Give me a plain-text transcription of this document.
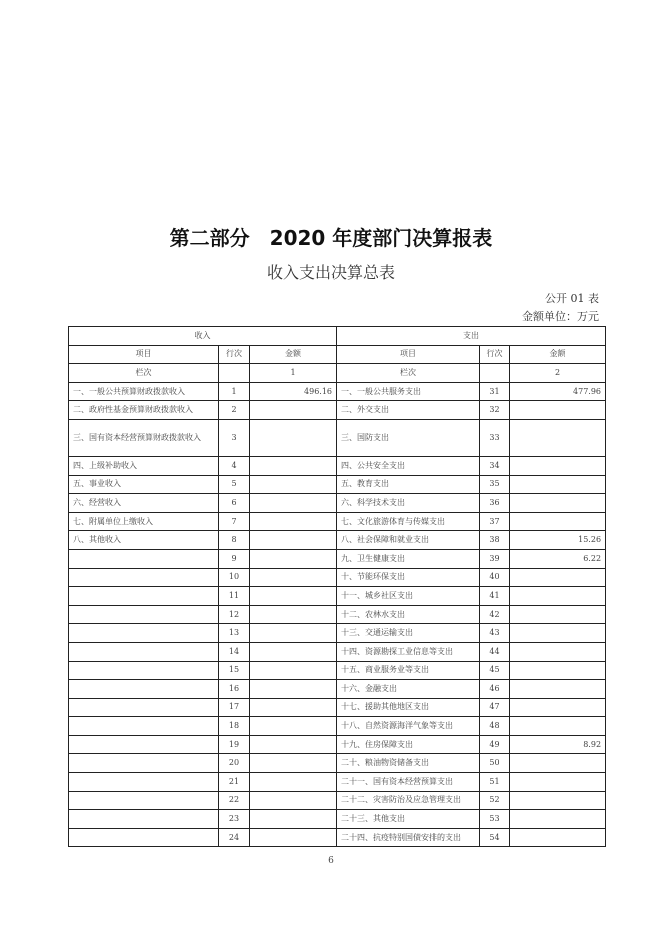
第二部分　2020 年度部门决算报表
收入支出决算总表
公开 01 表
金额单位：万元
收入			支出		
项目	行次	金额	项目	行次	金额
栏次		1	栏次		2
一、一般公共预算财政拨款收入	1	496.16	一、一般公共服务支出	31	477.96
二、政府性基金预算财政拨款收入	2		二、外交支出	32	
三、国有资本经营预算财政拨款收入	3		三、国防支出	33	
四、上级补助收入	4		四、公共安全支出	34	
五、事业收入	5		五、教育支出	35	
六、经营收入	6		六、科学技术支出	36	
七、附属单位上缴收入	7		七、文化旅游体育与传媒支出	37	
八、其他收入	8		八、社会保障和就业支出	38	15.26
	9		九、卫生健康支出	39	6.22
	10		十、节能环保支出	40	
	11		十一、城乡社区支出	41	
	12		十二、农林水支出	42	
	13		十三、交通运输支出	43	
	14		十四、资源勘探工业信息等支出	44	
	15		十五、商业服务业等支出	45	
	16		十六、金融支出	46	
	17		十七、援助其他地区支出	47	
	18		十八、自然资源海洋气象等支出	48	
	19		十九、住房保障支出	49	8.92
	20		二十、粮油物资储备支出	50	
	21		二十一、国有资本经营预算支出	51	
	22		二十二、灾害防治及应急管理支出	52	
	23		二十三、其他支出	53	
	24		二十四、抗疫特别国债安排的支出	54	
6
